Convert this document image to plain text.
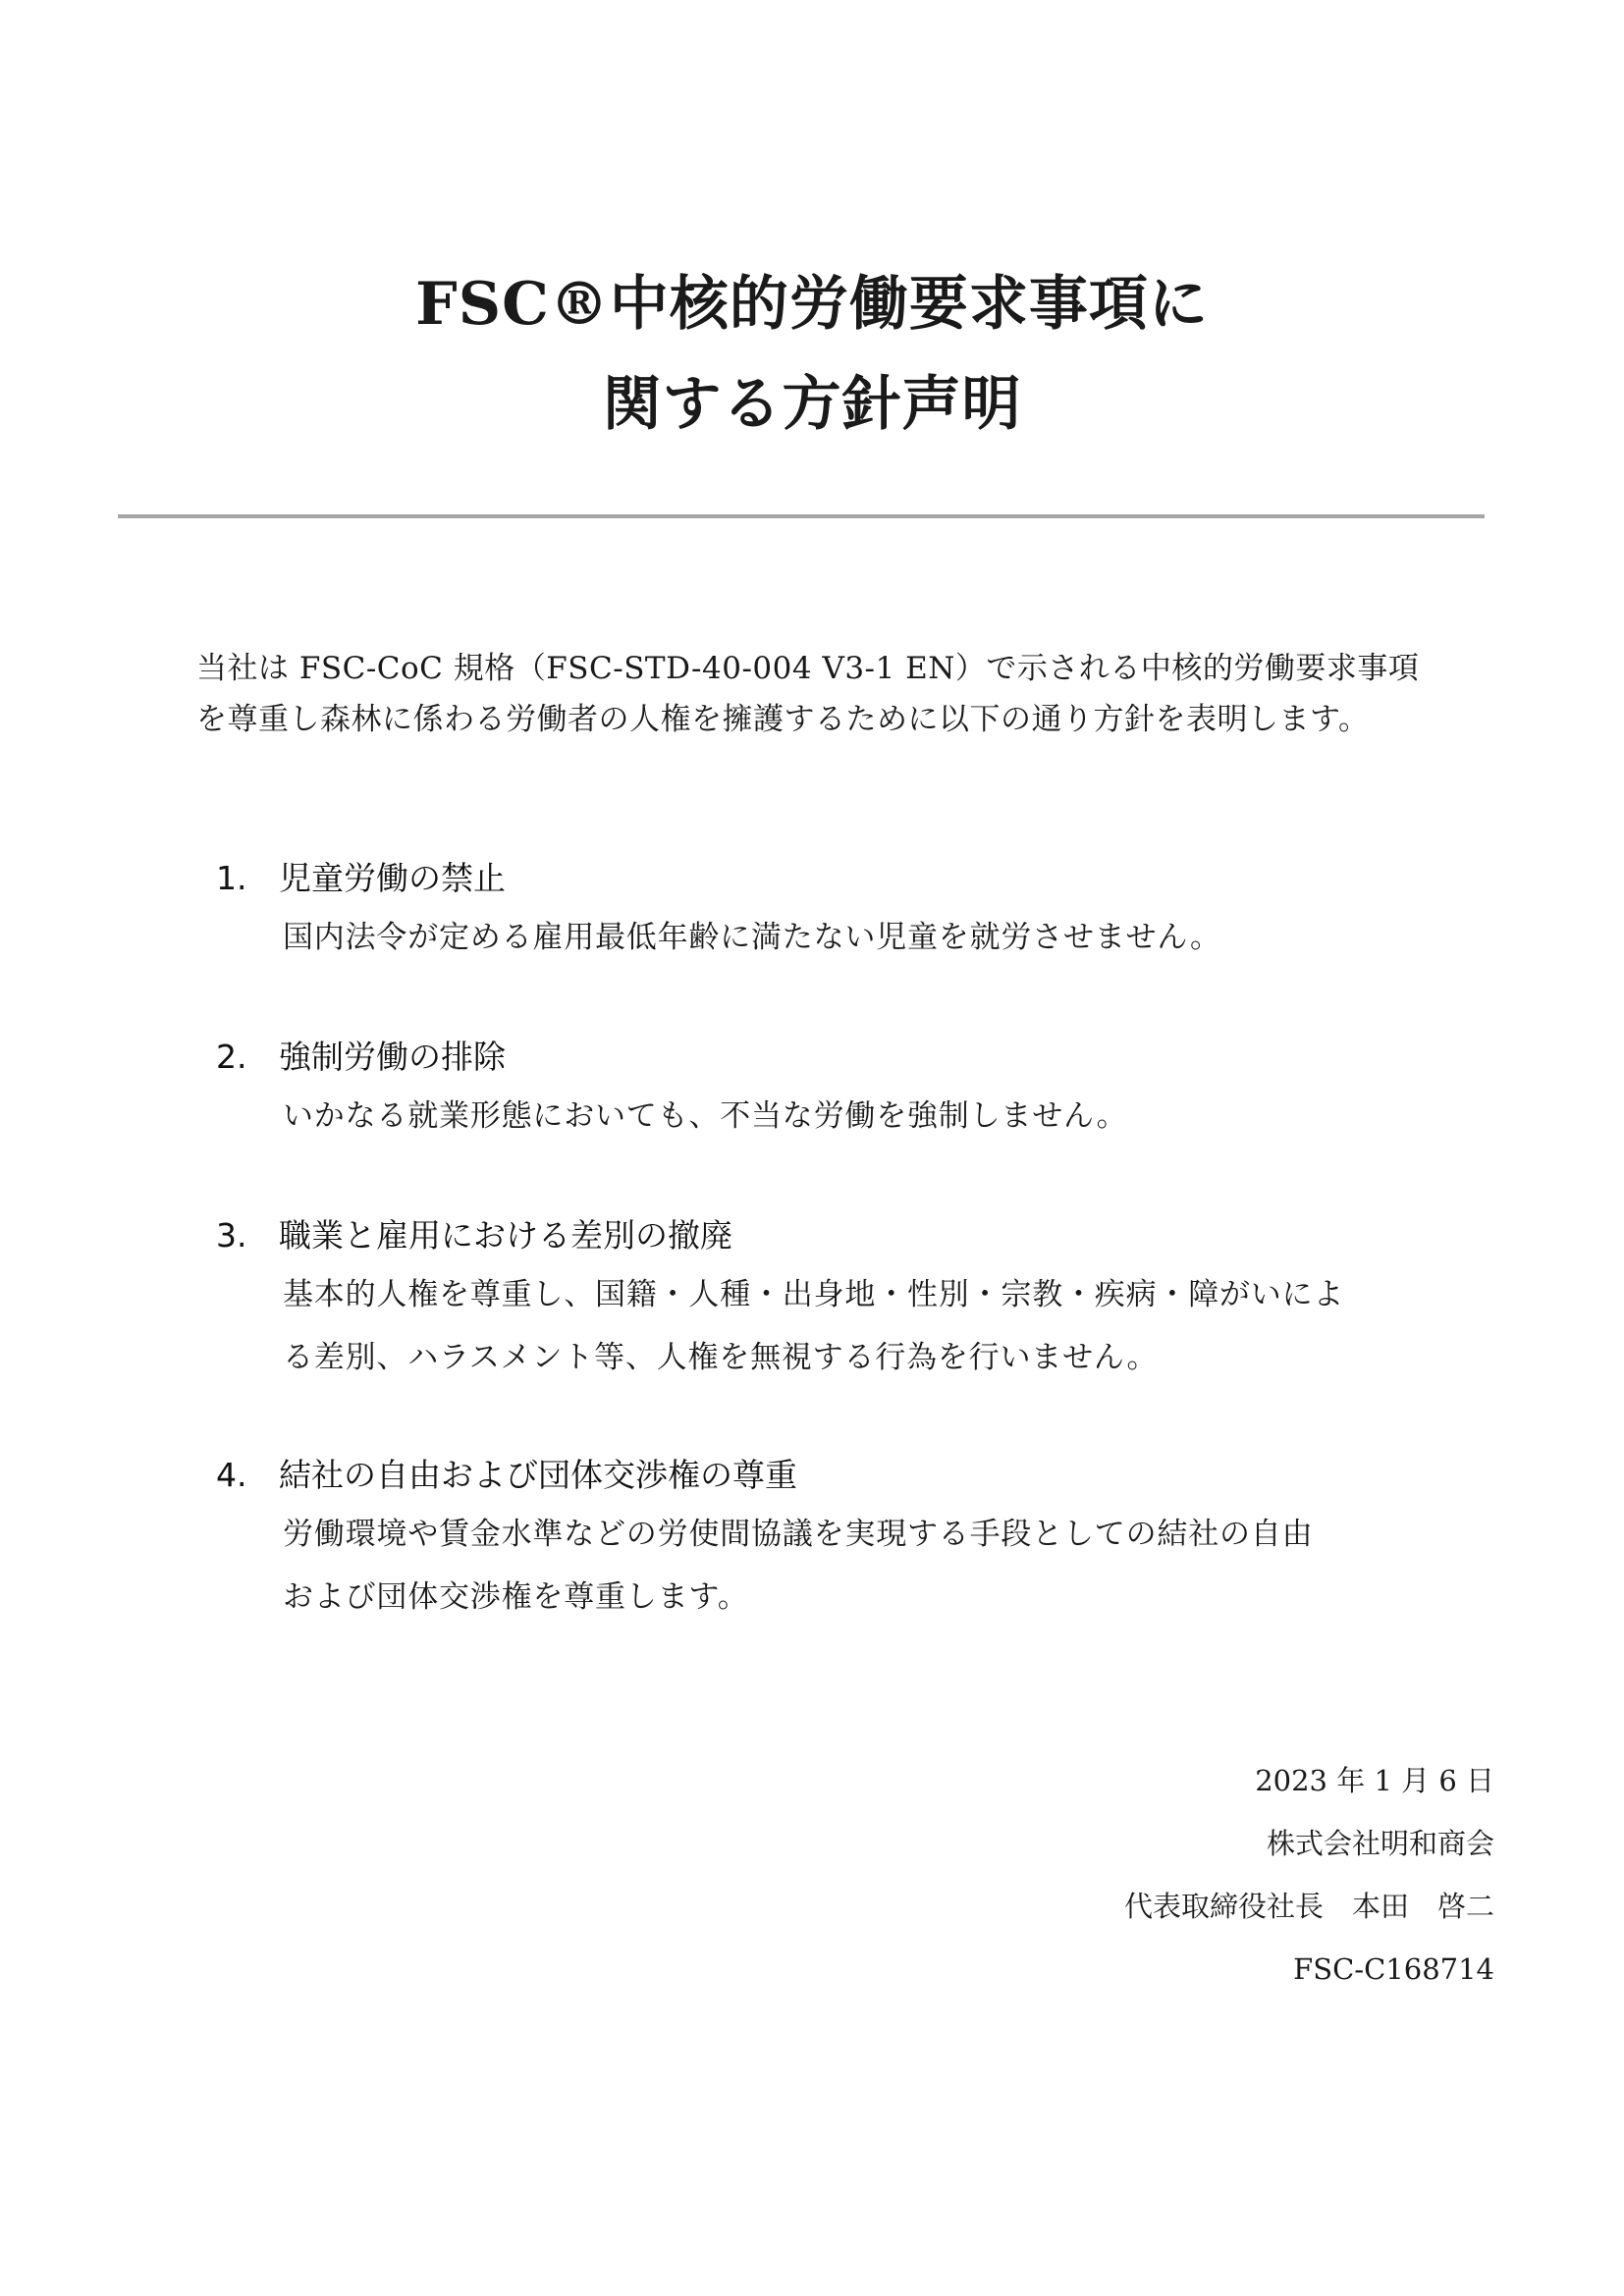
FSC®中核的労働要求事項に
関する方針声明

当社は FSC-CoC 規格（FSC-STD-40-004 V3-1 EN）で示される中核的労働要求事項

を尊重し森林に係わる労働者の人権を擁護するために以下の通り方針を表明します。

1. 児童労働の禁止
国内法令が定める雇用最低年齢に満たない児童を就労させません。
2. 強制労働の排除
いかなる就業形態においても、不当な労働を強制しません。
3. 職業と雇用における差別の撤廃
基本的人権を尊重し、国籍・人種・出身地・性別・宗教・疾病・障がいによ
る差別、ハラスメント等、人権を無視する行為を行いません。
4. 結社の自由および団体交渉権の尊重
労働環境や賃金水準などの労使間協議を実現する手段としての結社の自由
および団体交渉権を尊重します。
2023 年 1 月 6 日
株式会社明和商会
代表取締役社長　本田　啓二
FSC-C168714
